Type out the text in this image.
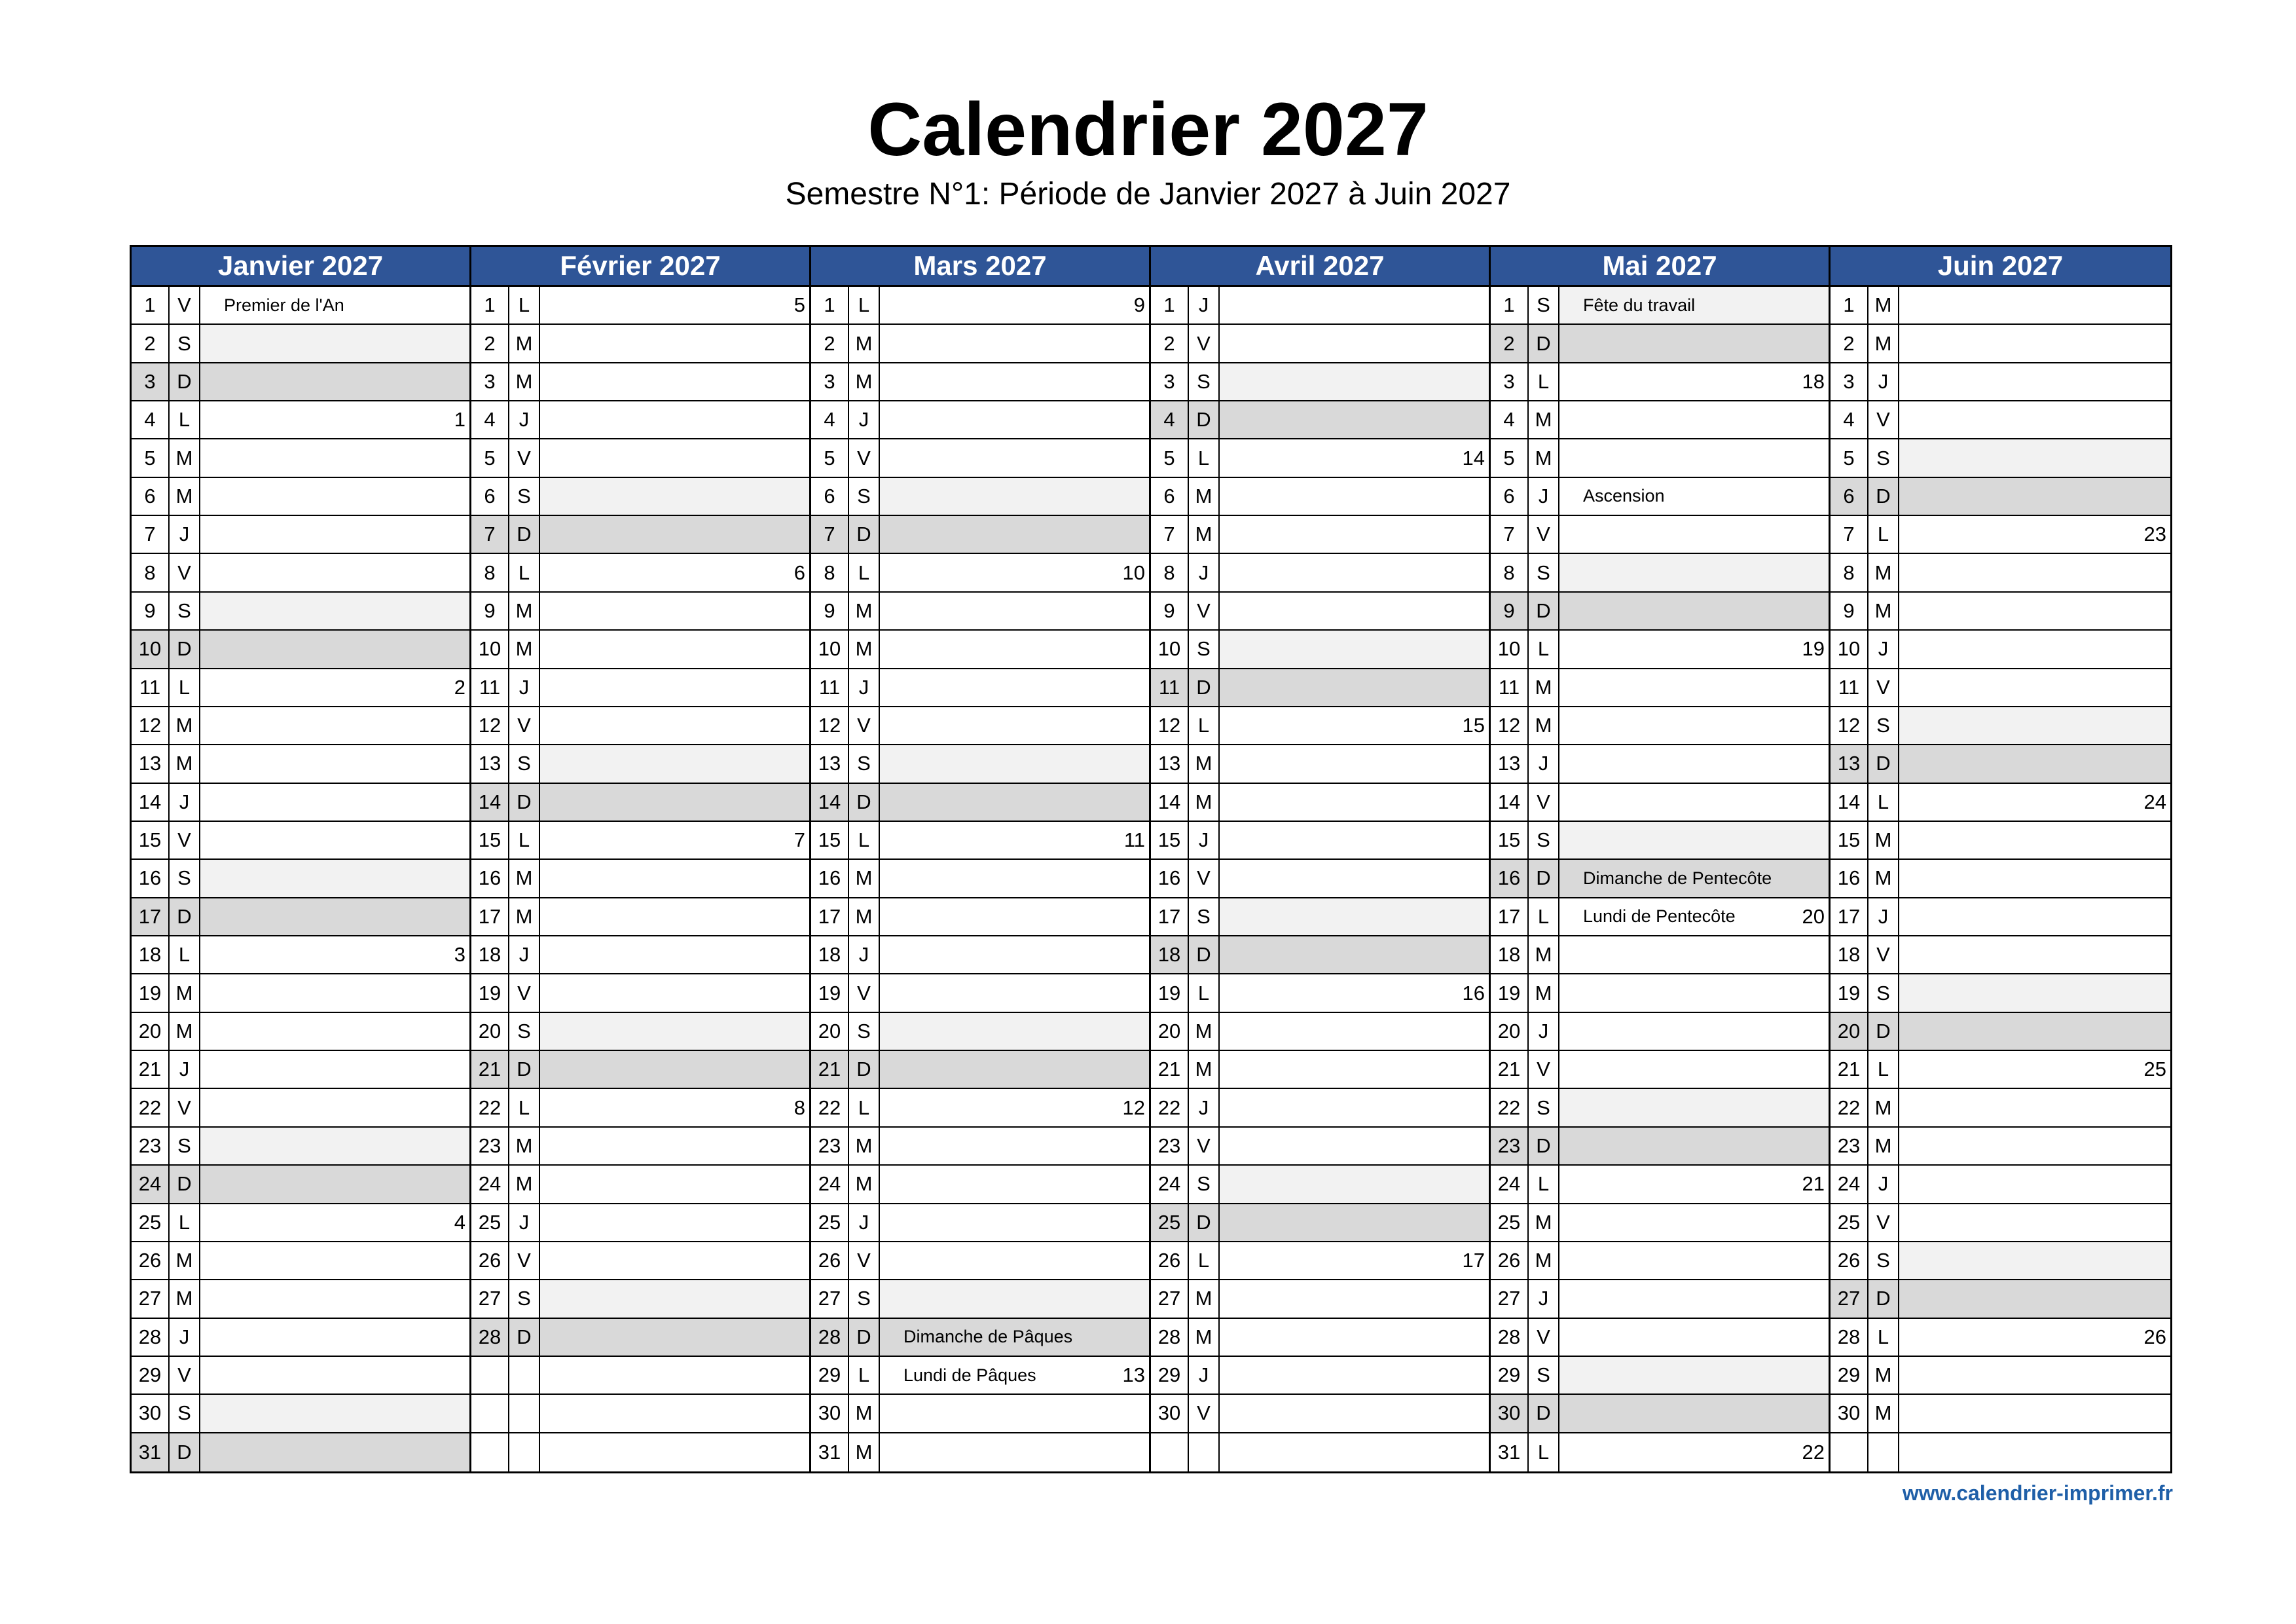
Calendrier 2027
Semestre N°1: Période de Janvier 2027 à Juin 2027
Janvier 2027
1	V	Premier de l'An
2	S
3	D
4	L	1
5 M
6 M
7	J
8	V
9	S
10 D
11 L	2
12 M
13 M
14 J
15 V
16 S
17 D
18 L	3
19 M
20 M
21 J
22 V
23 S
24 D
25 L	4
26 M
27 M
28 J
29 V
30 S
31 D
Février 2027
1	L	5
2 M
3 M
4	J
5	V
6	S
7	D
8	L	6
9 M
10 M
11 J
12 V
13 S
14 D
15 L	7
16 M
17 M
18 J
19 V
20 S
21 D
22 L	8
23 M
24 M
25 J
26 V
27 S
28 D
Mars 2027
1	L	9
2 M
3 M
4	J
5	V
6	S
7	D
8	L	10
9 M
10 M
11 J
12 V
13 S
14 D
15 L	11
16 M
17 M
18 J
19 V
20 S
21 D
22 L	12
23 M
24 M
25 J
26 V
27 S
28 D	Dimanche de Pâques
29 L	Lundi de Pâques	13
30 M
31 M
Avril 2027
1	J
2	V
3	S
4	D
5	L	14
6 M
7 M
8	J
9	V
10 S
11 D
12 L	15
13 M
14 M
15 J
16 V
17 S
18 D
19 L	16
20 M
21 M
22 J
23 V
24 S
25 D
26 L	17
27 M
28 M
29 J
30 V
Mai 2027
1	S	Fête du travail
2	D
3	L	18
4 M
5 M
6	J	Ascension
7	V
8	S
9	D
10 L	19
11 M
12 M
13 J
14 V
15 S
16 D	Dimanche de Pentecôte
17 L	Lundi de Pentecôte	20
18 M
19 M
20 J
21 V
22 S
23 D
24 L	21
25 M
26 M
27 J
28 V
29 S
30 D
31 L	22
Juin 2027
1 M
2 M
3	J
4	V
5	S
6	D
7	L	23
8 M
9 M
10 J
11 V
12 S
13 D
14 L	24
15 M
16 M
17 J
18 V
19 S
20 D
21 L	25
22 M
23 M
24 J
25 V
26 S
27 D
28 L	26
29 M
30 M
www.calendrier-imprimer.fr
